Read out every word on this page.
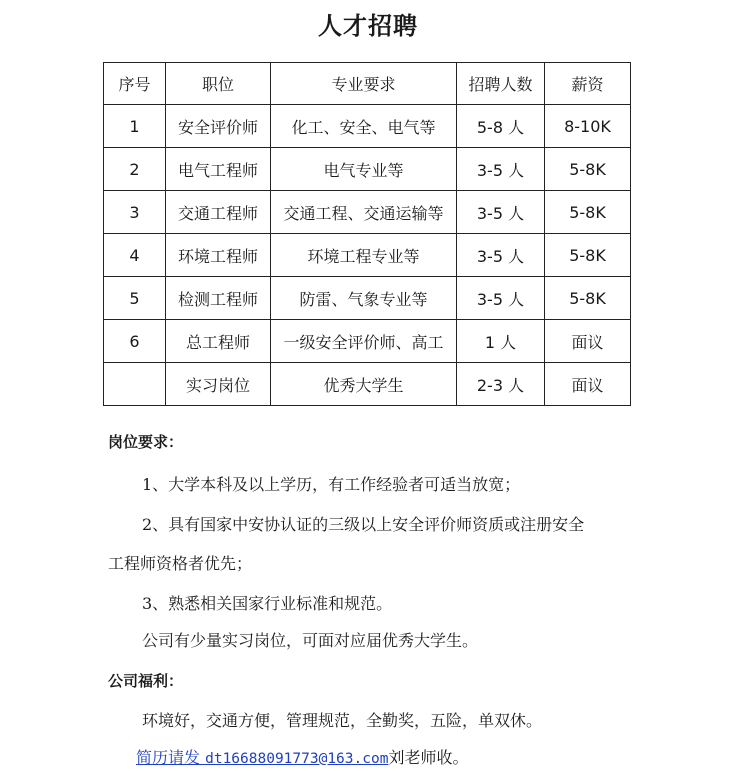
人才招聘
序号	职位	专业要求	招聘人数	薪资
1	安全评价师	化工、安全、电气等	5-8 人	8-10K
2	电气工程师	电气专业等	3-5 人	5-8K
3	交通工程师	交通工程、交通运输等	3-5 人	5-8K
4	环境工程师	环境工程专业等	3-5 人	5-8K
5	检测工程师	防雷、气象专业等	3-5 人	5-8K
6	总工程师	一级安全评价师、高工	1 人	面议
	实习岗位	优秀大学生	2-3 人	面议
岗位要求：
1、大学本科及以上学历，有工作经验者可适当放宽；
2、具有国家中安协认证的三级以上安全评价师资质或注册安全
工程师资格者优先；
3、熟悉相关国家行业标准和规范。
公司有少量实习岗位，可面对应届优秀大学生。
公司福利：
环境好，交通方便，管理规范，全勤奖，五险，单双休。
简历请发 dt16688091773@163.com刘老师收。
